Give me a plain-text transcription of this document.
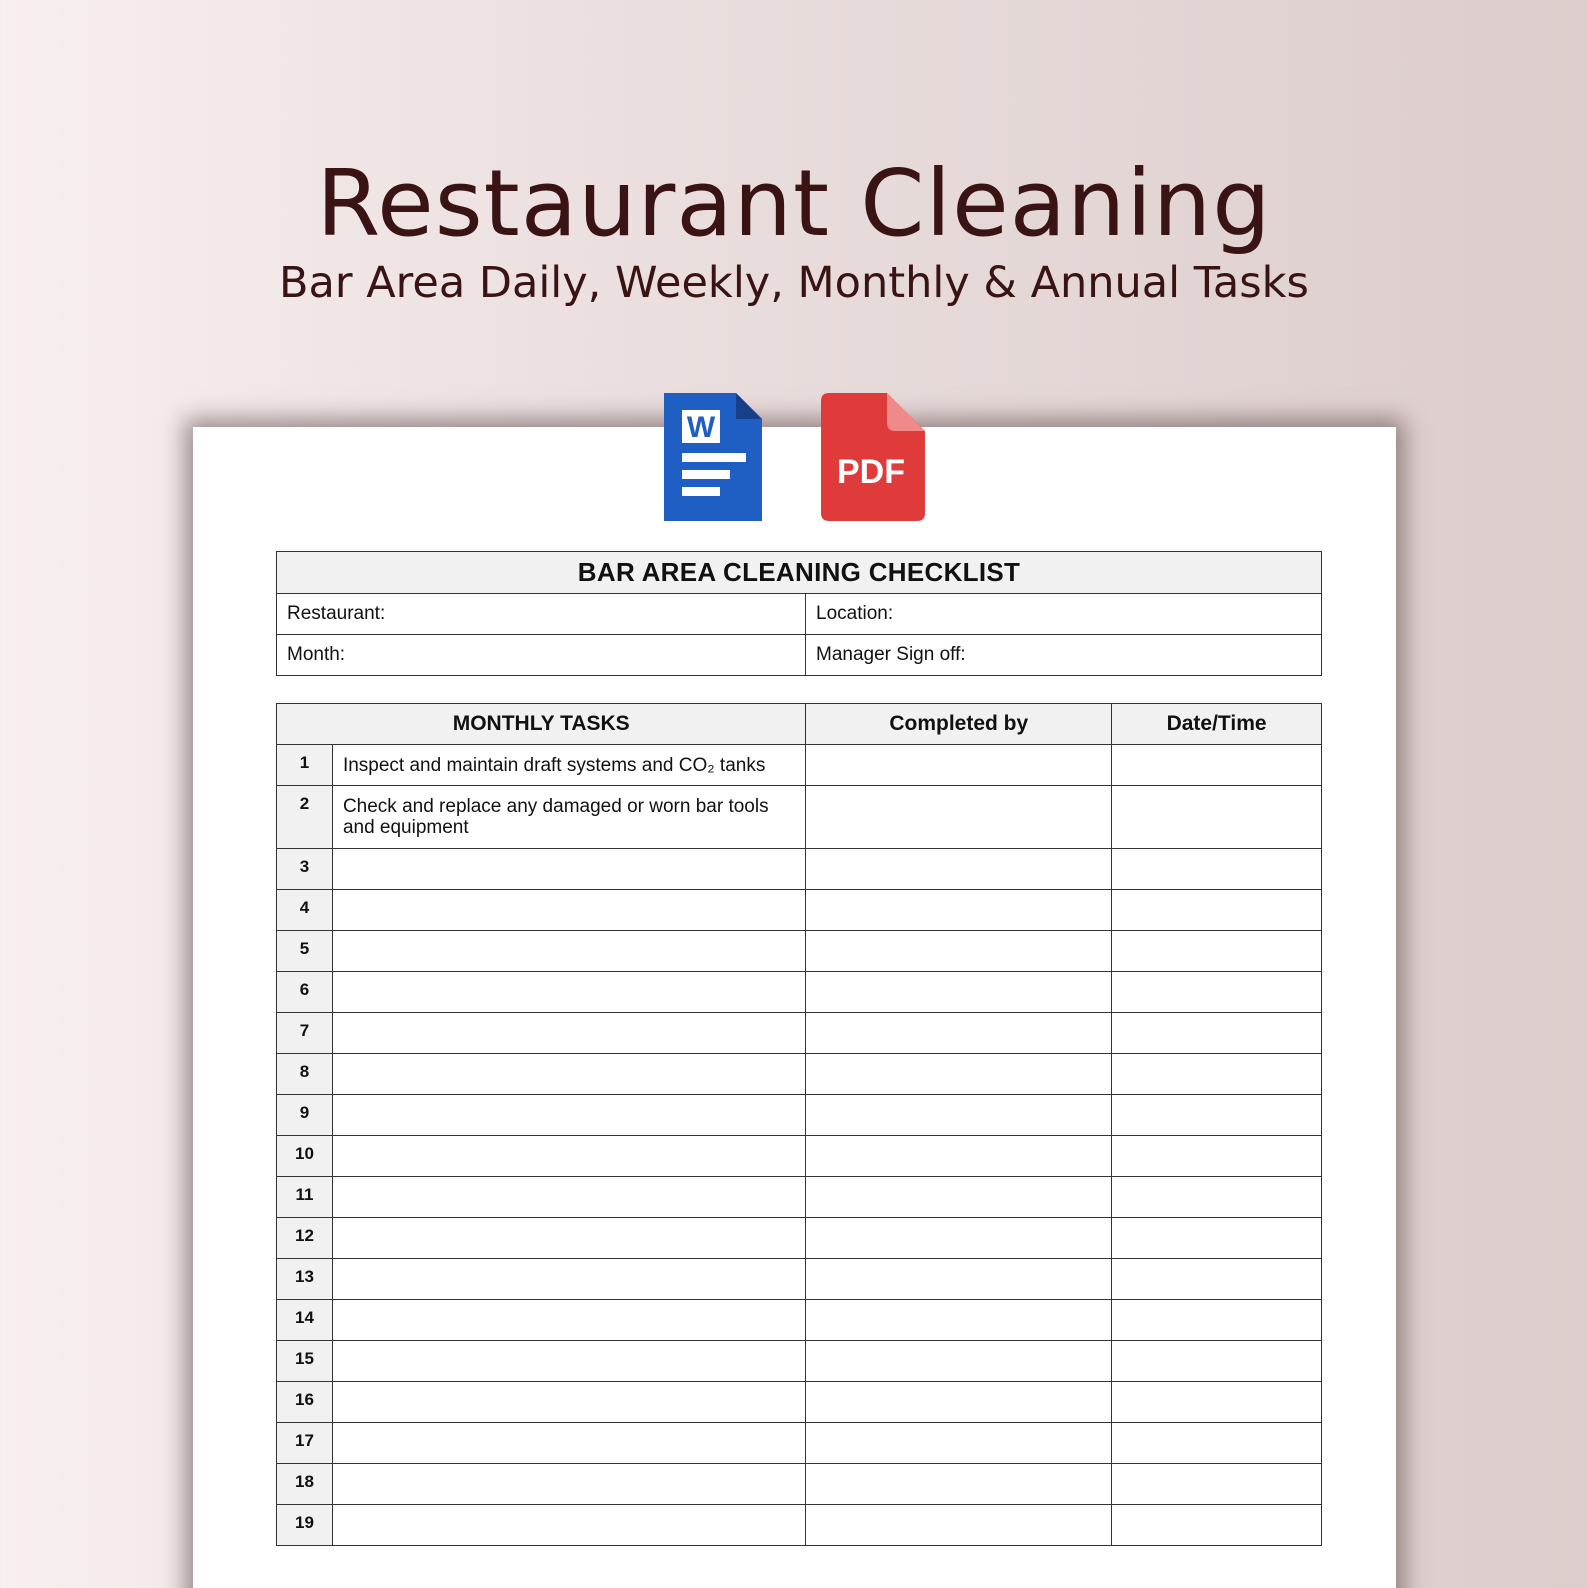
Restaurant Cleaning
Bar Area Daily, Weekly, Monthly & Annual Tasks
W
PDF
BAR AREA CLEANING CHECKLIST	
Restaurant:	Location:
Month:	Manager Sign off:
MONTHLY TASKS		Completed by	Date/Time
1	Inspect and maintain draft systems and CO₂ tanks		
2	Check and replace any damaged or worn bar tools and equipment		
3			
4			
5			
6			
7			
8			
9			
10			
11			
12			
13			
14			
15			
16			
17			
18			
19			
